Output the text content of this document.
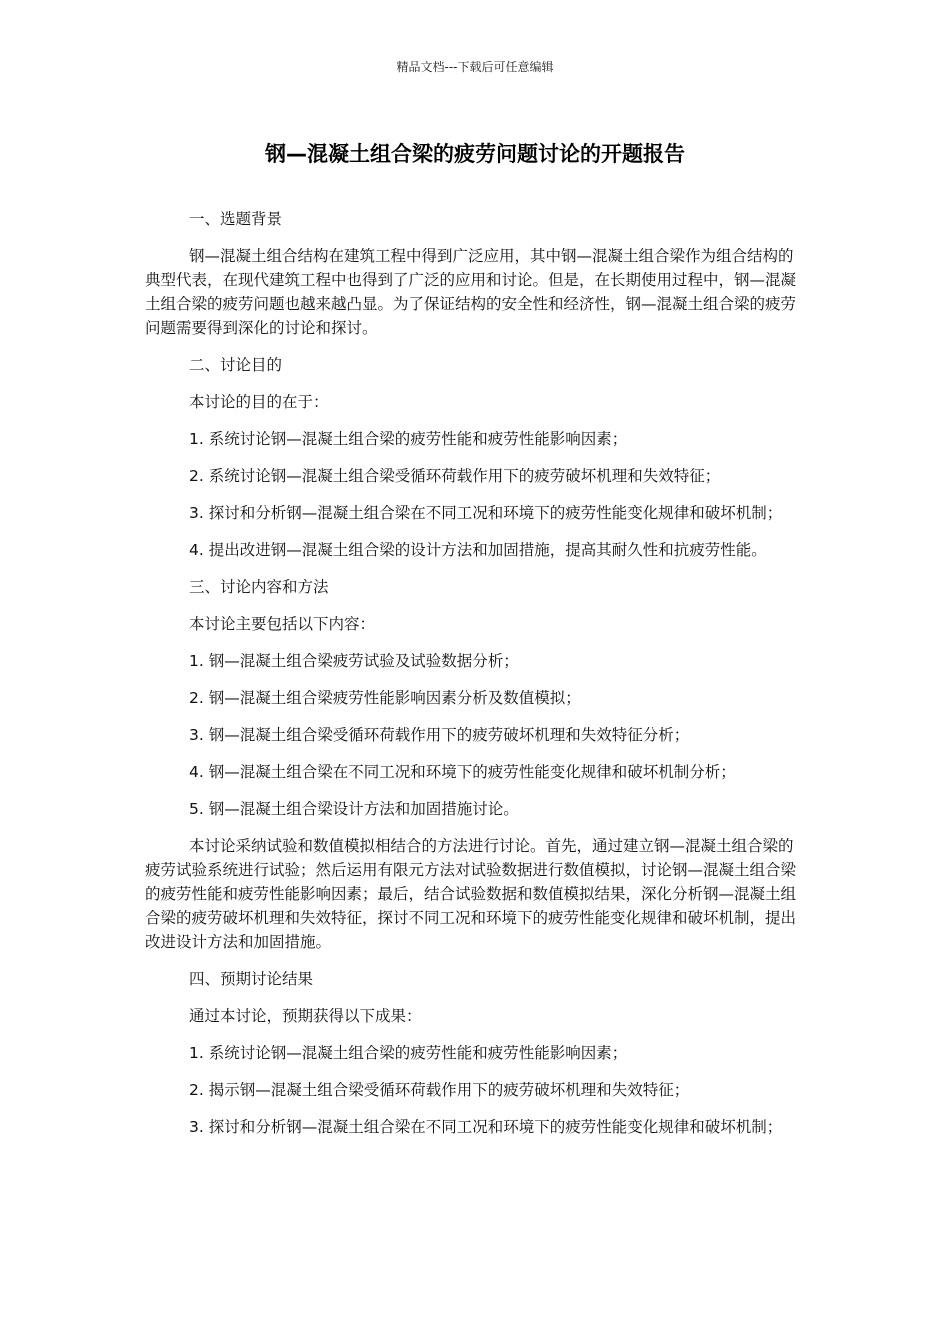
精品文档---下载后可任意编辑
钢—混凝土组合梁的疲劳问题讨论的开题报告

一、选题背景

钢—混凝土组合结构在建筑工程中得到广泛应用，其中钢—混凝土组合梁作为组合结构的典型代表，在现代建筑工程中也得到了广泛的应用和讨论。但是，在长期使用过程中，钢—混凝土组合梁的疲劳问题也越来越凸显。为了保证结构的安全性和经济性，钢—混凝土组合梁的疲劳问题需要得到深化的讨论和探讨。

二、讨论目的

本讨论的目的在于：

1. 系统讨论钢—混凝土组合梁的疲劳性能和疲劳性能影响因素；

2. 系统讨论钢—混凝土组合梁受循环荷载作用下的疲劳破坏机理和失效特征；

3. 探讨和分析钢—混凝土组合梁在不同工况和环境下的疲劳性能变化规律和破坏机制；

4. 提出改进钢—混凝土组合梁的设计方法和加固措施，提高其耐久性和抗疲劳性能。

三、讨论内容和方法

本讨论主要包括以下内容：

1. 钢—混凝土组合梁疲劳试验及试验数据分析；

2. 钢—混凝土组合梁疲劳性能影响因素分析及数值模拟；

3. 钢—混凝土组合梁受循环荷载作用下的疲劳破坏机理和失效特征分析；

4. 钢—混凝土组合梁在不同工况和环境下的疲劳性能变化规律和破坏机制分析；

5. 钢—混凝土组合梁设计方法和加固措施讨论。

本讨论采纳试验和数值模拟相结合的方法进行讨论。首先，通过建立钢—混凝土组合梁的疲劳试验系统进行试验；然后运用有限元方法对试验数据进行数值模拟，讨论钢—混凝土组合梁的疲劳性能和疲劳性能影响因素；最后，结合试验数据和数值模拟结果，深化分析钢—混凝土组合梁的疲劳破坏机理和失效特征，探讨不同工况和环境下的疲劳性能变化规律和破坏机制，提出改进设计方法和加固措施。

四、预期讨论结果

通过本讨论，预期获得以下成果：

1. 系统讨论钢—混凝土组合梁的疲劳性能和疲劳性能影响因素；

2. 揭示钢—混凝土组合梁受循环荷载作用下的疲劳破坏机理和失效特征；

3. 探讨和分析钢—混凝土组合梁在不同工况和环境下的疲劳性能变化规律和破坏机制；
